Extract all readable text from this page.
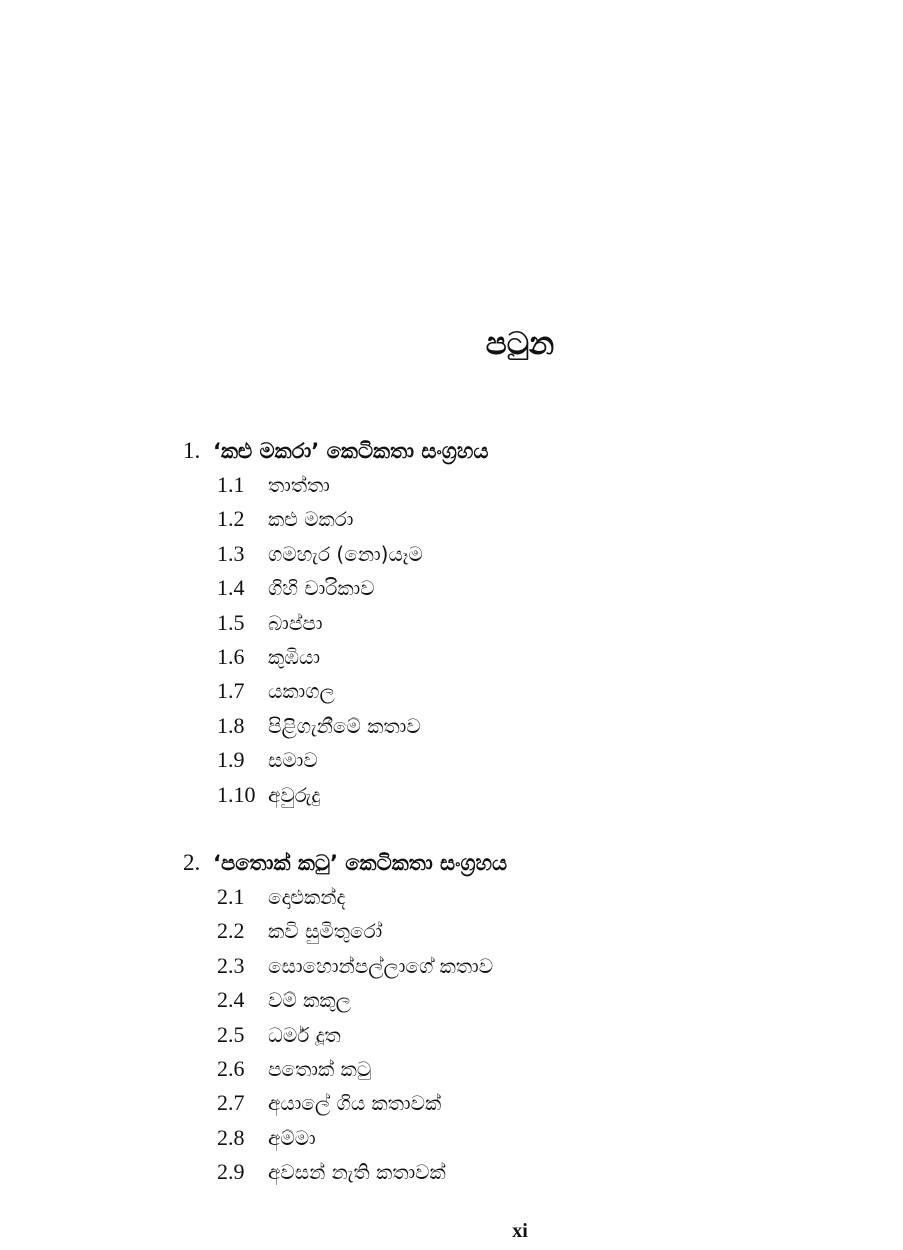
පටුන
1. ‘කළු මකරා’ කෙටිකතා සංග්‍රහය
1.1 තාත්තා
1.2 කළු මකරා
1.3 ගමහැර (නො)යෑම
1.4 ගිහි චාරිකාව
1.5 බාප්පා
1.6 කුඹියා
1.7 යකාගල
1.8 පිළිගැනීමේ කතාව
1.9 සමාව
1.10 අවුරුදු
2. ‘පතොක් කටු’ කෙටිකතා සංග්‍රහය
2.1 දොළුකන්ද
2.2 කවි සුමිතුරෝ
2.3 සොහොන්පල්ලාගේ කතාව
2.4 වම් කකුල
2.5 ධර්ම දූත
2.6 පතොක් කටු
2.7 අයාලේ ගිය කතාවක්
2.8 අම්මා
2.9 අවසන් නැති කතාවක්
xi
